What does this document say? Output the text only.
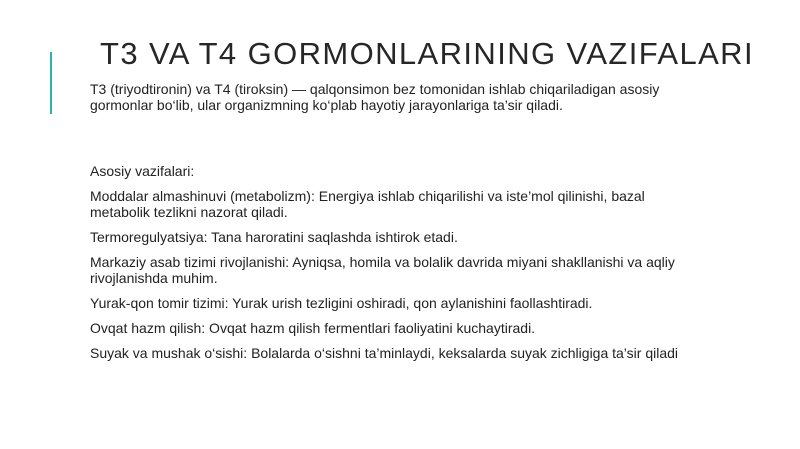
T3 VA T4 GORMONLARINING VAZIFALARI

T3 (triyodtironin) va T4 (tiroksin) — qalqonsimon bez tomonidan ishlab chiqariladigan asosiy gormonlar bo‘lib, ular organizmning ko‘plab hayotiy jarayonlariga ta’sir qiladi.

Asosiy vazifalari:

Moddalar almashinuvi (metabolizm): Energiya ishlab chiqarilishi va iste’mol qilinishi, bazal metabolik tezlikni nazorat qiladi.

Termoregulyatsiya: Tana haroratini saqlashda ishtirok etadi.

Markaziy asab tizimi rivojlanishi: Ayniqsa, homila va bolalik davrida miyani shakllanishi va aqliy rivojlanishda muhim.

Yurak-qon tomir tizimi: Yurak urish tezligini oshiradi, qon aylanishini faollashtiradi.

Ovqat hazm qilish: Ovqat hazm qilish fermentlari faoliyatini kuchaytiradi.

Suyak va mushak o‘sishi: Bolalarda o‘sishni ta’minlaydi, keksalarda suyak zichligiga ta’sir qiladi
